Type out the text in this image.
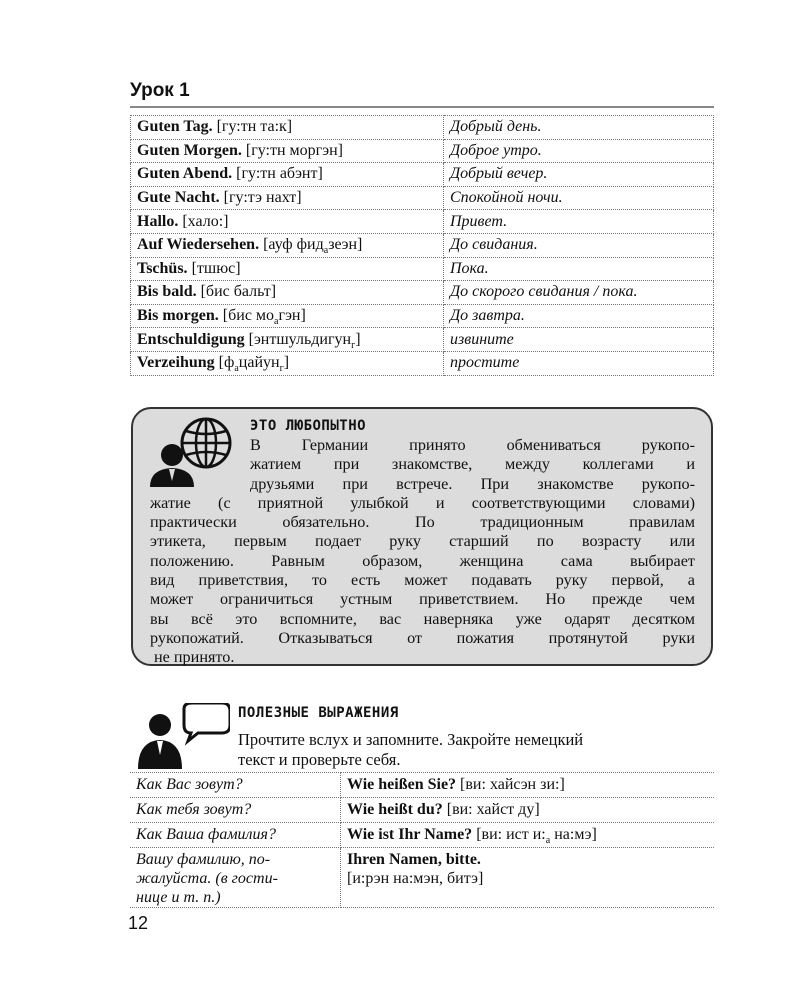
Урок 1
Guten Tag. [гу:тн та:к]	Добрый день.
Guten Morgen. [гу:тн моргэн]	Доброе утро.
Guten Abend. [гу:тн абэнт]	Добрый вечер.
Gute Nacht. [гу:тэ нахт]	Спокойной ночи.
Hallo. [хало:]	Привет.
Auf Wiedersehen. [ауф фид$_а$зеэн]	До свидания.
Tschüs. [тшюс]	Пока.
Bis bald. [бис бальт]	До скорого свидания / пока.
Bis morgen. [бис $мо_агэн$]	До завтра.
Entschuldigung [энтшульдигун$_г$]	извините
Verzeihung $[ф_ацайун_г]$	простите
ЭТО ЛЮБОПЫТНО
В Германии принято обмениваться рукопо-
жатием при знакомстве, между коллегами и
друзьями при встрече. При знакомстве рукопо-
жатие (с приятной улыбкой и соответствующими словами)
практически обязательно. По традиционным правилам
этикета, первым подает руку старший по возрасту или
положению. Равным образом, женщина сама выбирает
вид приветствия, то есть может подавать руку первой, а
может ограничиться устным приветствием. Но прежде чем
вы всё это вспомните, вас наверняка уже одарят десятком
рукопожатий. Отказываться от пожатия протянутой руки
не принято.
ПОЛЕЗНЫЕ ВЫРАЖЕНИЯ
Прочтите вслух и запомните. Закройте немецкий
текст и проверьте себя.
Как Вас зовут?	Wie heißen Sie? [ви: хайсэн зи:]
Как тебя зовут?	Wie heißt du? [ви: хайст ду]
Как Ваша фамилия?	Wie ist Ihr Name? [ви: ист $и:_а$ на:мэ]

Вашу фамилию, по-
жалуйста. (в гости-
нице и т. п.)	Ihren Namen, bitte.
[и:рэн на:мэн, битэ]
12
